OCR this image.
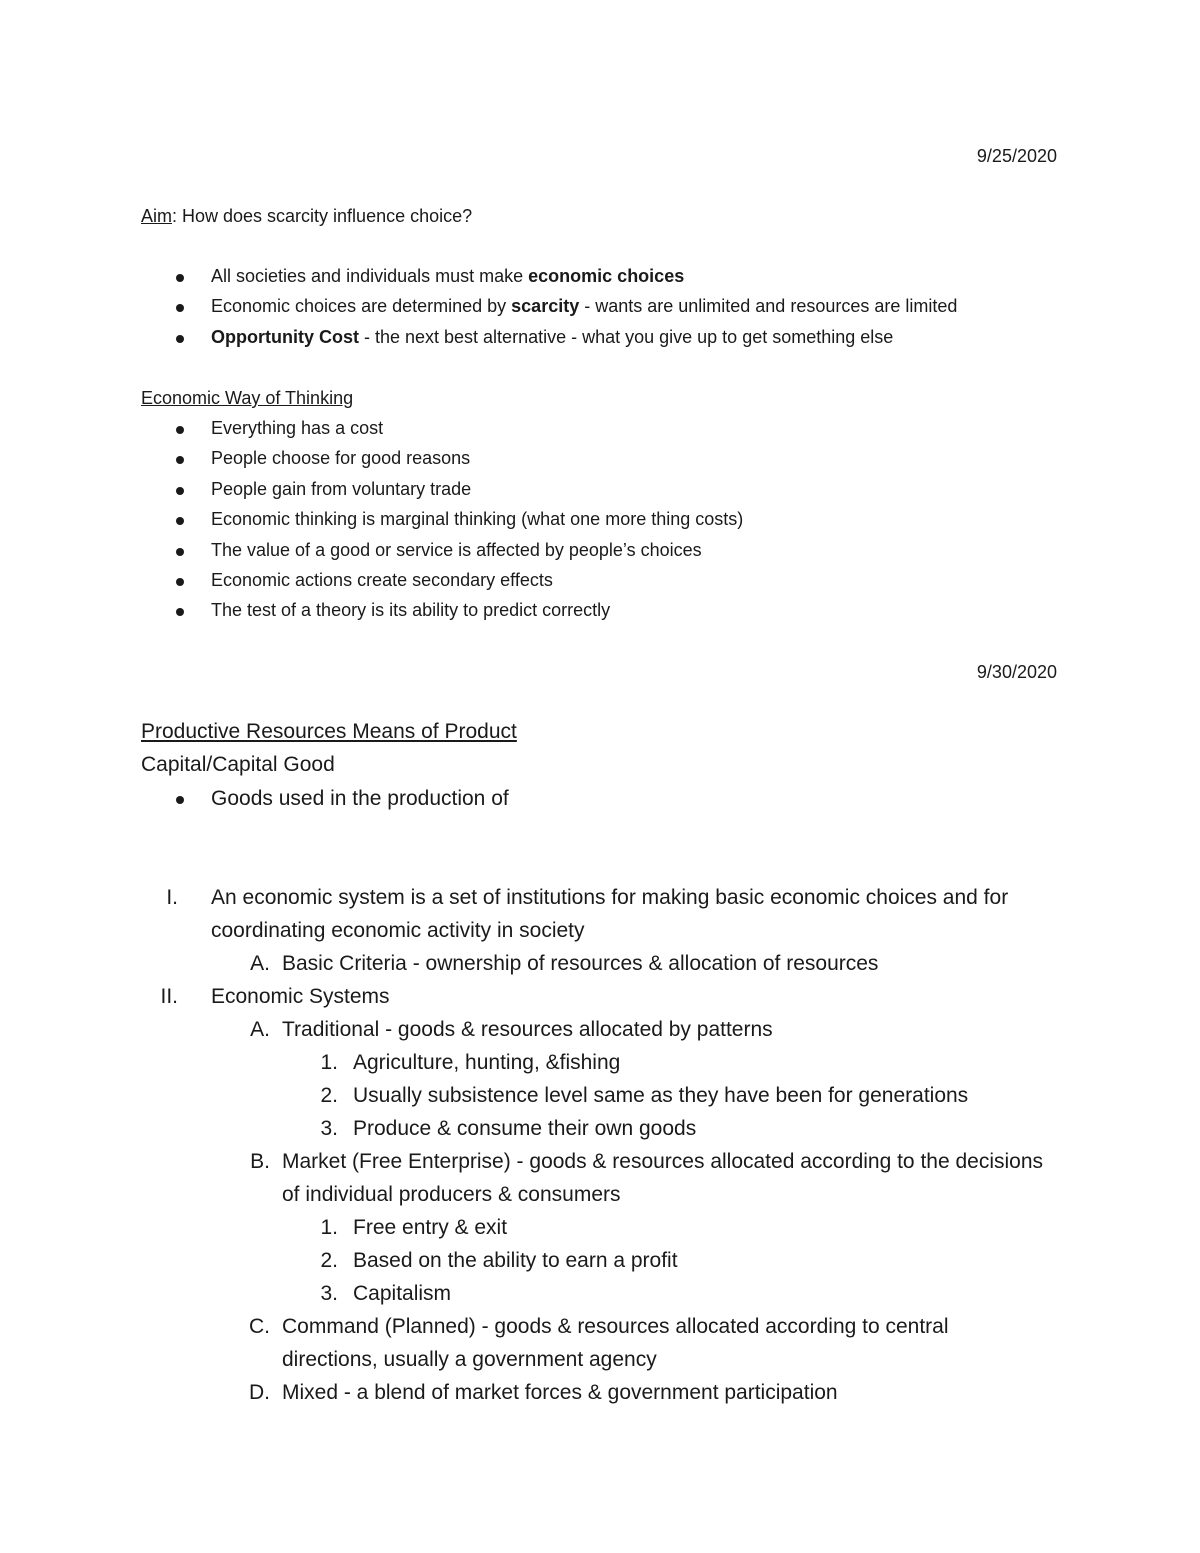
9/25/2020
Aim: How does scarcity influence choice?
All societies and individuals must make economic choices
Economic choices are determined by scarcity - wants are unlimited and resources are limited
Opportunity Cost - the next best alternative - what you give up to get something else
Economic Way of Thinking
Everything has a cost
People choose for good reasons
People gain from voluntary trade
Economic thinking is marginal thinking (what one more thing costs)
The value of a good or service is affected by people’s choices
Economic actions create secondary effects
The test of a theory is its ability to predict correctly
9/30/2020
Productive Resources Means of Product
Capital/Capital Good
Goods used in the production of
I. An economic system is a set of institutions for making basic economic choices and for
coordinating economic activity in society
A. Basic Criteria - ownership of resources & allocation of resources
II. Economic Systems
A. Traditional - goods & resources allocated by patterns
1. Agriculture, hunting, &fishing
2. Usually subsistence level same as they have been for generations
3. Produce & consume their own goods
B. Market (Free Enterprise) - goods & resources allocated according to the decisions
of individual producers & consumers
1. Free entry & exit
2. Based on the ability to earn a profit
3. Capitalism
C. Command (Planned) - goods & resources allocated according to central
directions, usually a government agency
D. Mixed - a blend of market forces & government participation
